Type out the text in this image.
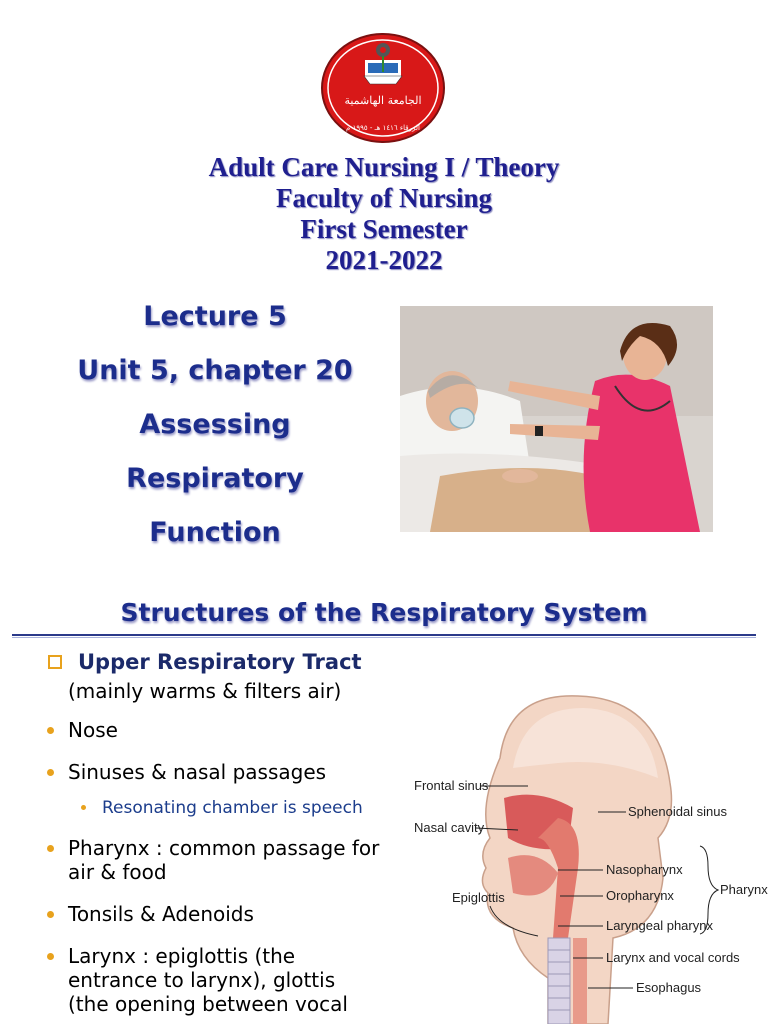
الجامعة الهاشمية
الزرقاء ١٤١٦ هـ - ١٩٩٥ م
Adult Care Nursing I / Theory
Faculty of Nursing
First Semester
2021-2022
Lecture 5
Unit 5, chapter 20
Assessing
Respiratory
Function
Structures of the Respiratory System
Upper Respiratory Tract
(mainly warms & filters air)
Nose
Sinuses & nasal passages
Resonating chamber is speech
Pharynx : common passage for air & food
Tonsils & Adenoids
Larynx : epiglottis (the entrance to larynx), glottis (the opening between vocal
Frontal sinus
Sphenoidal sinus
Nasal cavity
Nasopharynx
Oropharynx
Laryngeal pharynx
Pharynx
Epiglottis
Larynx and vocal cords
Esophagus
